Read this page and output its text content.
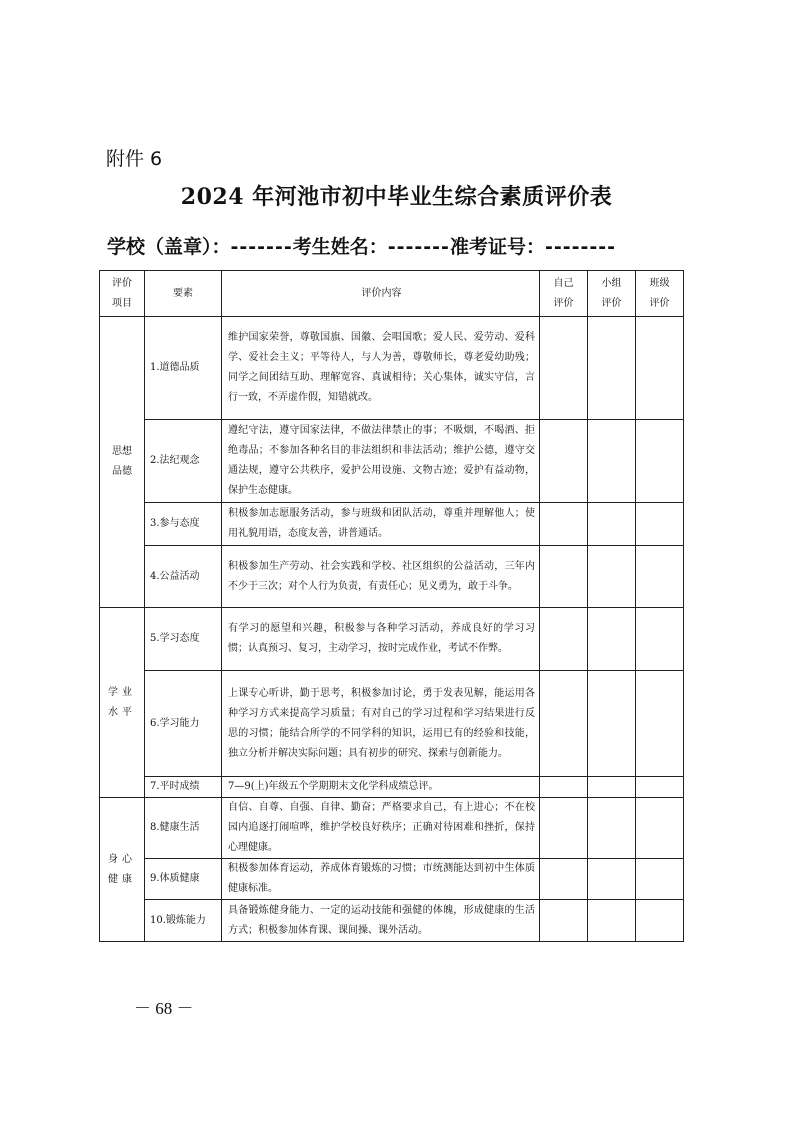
附件 6
2024 年河池市初中毕业生综合素质评价表
学校（盖章）：-------考生姓名：-------准考证号：--------
评价项目	要素	评价内容	自己评价	小组评价	班级评价
思想品德	1.道德品质	维护国家荣誉，尊敬国旗、国徽、会唱国歌；爱人民、爱劳动、爱科学、爱社会主义；平等待人，与人为善，尊敬师长，尊老爱幼助残；同学之间团结互助、理解宽容、真诚相待；关心集体，诚实守信，言行一致，不弄虚作假，知错就改。			
	2.法纪观念	遵纪守法，遵守国家法律，不做法律禁止的事；不吸烟，不喝酒、拒绝毒品；不参加各种名目的非法组织和非法活动；维护公德，遵守交通法规，遵守公共秩序，爱护公用设施、文物古迹；爱护有益动物，保护生态健康。			
	3.参与态度	积极参加志愿服务活动，参与班级和团队活动，尊重并理解他人；使用礼貌用语，态度友善，讲普通话。			
	4.公益活动	积极参加生产劳动、社会实践和学校、社区组织的公益活动，三年内不少于三次；对个人行为负责，有责任心；见义勇为，敢于斗争。			
学业水平	5.学习态度	有学习的愿望和兴趣，积极参与各种学习活动，养成良好的学习习惯；认真预习、复习，主动学习，按时完成作业，考试不作弊。			
	6.学习能力	上课专心听讲，勤于思考，积极参加讨论，勇于发表见解，能运用各种学习方式来提高学习质量；有对自己的学习过程和学习结果进行反思的习惯；能结合所学的不同学科的知识，运用已有的经验和技能，独立分析并解决实际问题；具有初步的研究、探索与创新能力。			
	7.平时成绩	7—9(上)年级五个学期期末文化学科成绩总评。			
身心健康	8.健康生活	自信、自尊、自强、自律、勤奋；严格要求自己，有上进心；不在校园内追逐打闹喧哗，维护学校良好秩序；正确对待困难和挫折，保持心理健康。			
	9.体质健康	积极参加体育运动，养成体育锻炼的习惯；市统测能达到初中生体质健康标准。			
	10.锻炼能力	具备锻炼健身能力、一定的运动技能和强健的体魄，形成健康的生活方式；积极参加体育课、课间操、课外活动。			
－ 68 －
